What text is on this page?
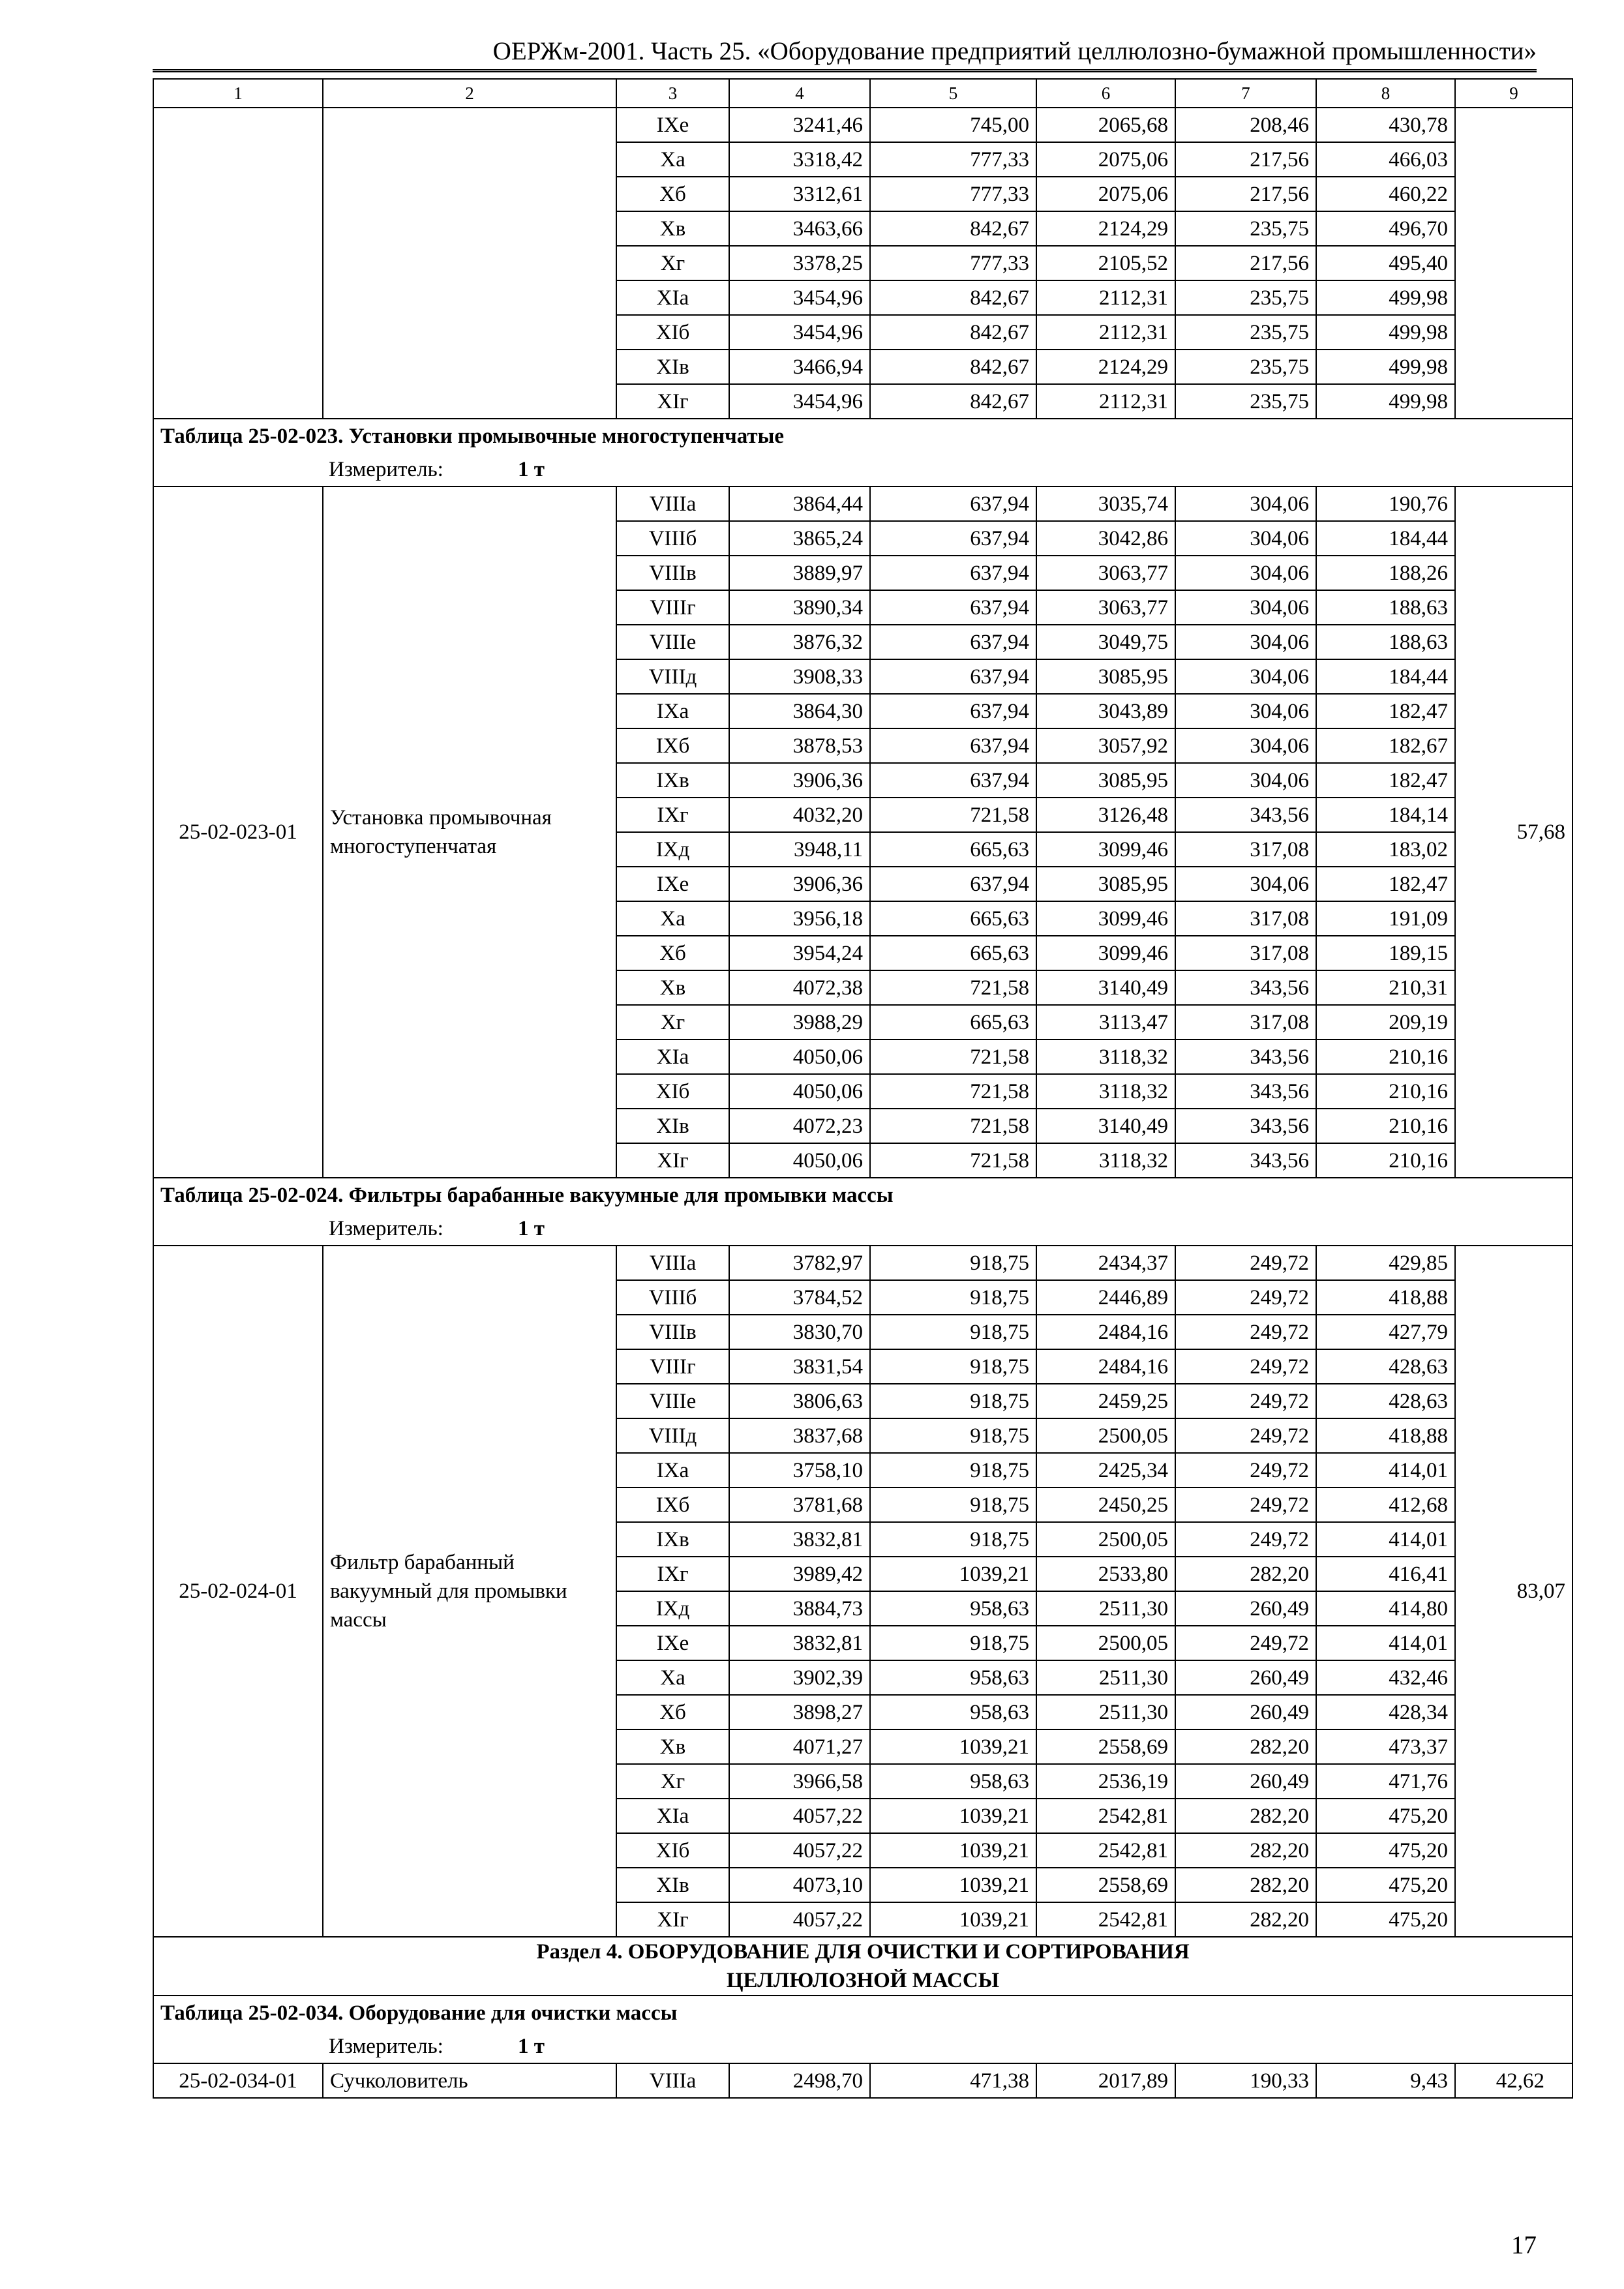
ОЕРЖм-2001. Часть 25. «Оборудование предприятий целлюлозно-бумажной промышленности»
1	2	3	4	5	6	7	8	9
		IXе	3241,46	745,00	2065,68	208,46	430,78	
		Xа	3318,42	777,33	2075,06	217,56	466,03	
		Xб	3312,61	777,33	2075,06	217,56	460,22	
		Xв	3463,66	842,67	2124,29	235,75	496,70	
		Xг	3378,25	777,33	2105,52	217,56	495,40	
		XIа	3454,96	842,67	2112,31	235,75	499,98	
		XIб	3454,96	842,67	2112,31	235,75	499,98	
		XIв	3466,94	842,67	2124,29	235,75	499,98	
		XIг	3454,96	842,67	2112,31	235,75	499,98	
Таблица 25-02-023. Установки промывочные многоступенчатые								
Измеритель: 1 т								
25-02-023-01	Установка промывочная многоступенчатая	VIIIа	3864,44	637,94	3035,74	304,06	190,76	57,68
		VIIIб	3865,24	637,94	3042,86	304,06	184,44	
		VIIIв	3889,97	637,94	3063,77	304,06	188,26	
		VIIIг	3890,34	637,94	3063,77	304,06	188,63	
		VIIIе	3876,32	637,94	3049,75	304,06	188,63	
		VIIIд	3908,33	637,94	3085,95	304,06	184,44	
		IXа	3864,30	637,94	3043,89	304,06	182,47	
		IXб	3878,53	637,94	3057,92	304,06	182,67	
		IXв	3906,36	637,94	3085,95	304,06	182,47	
		IXг	4032,20	721,58	3126,48	343,56	184,14	
		IXд	3948,11	665,63	3099,46	317,08	183,02	
		IXе	3906,36	637,94	3085,95	304,06	182,47	
		Xа	3956,18	665,63	3099,46	317,08	191,09	
		Xб	3954,24	665,63	3099,46	317,08	189,15	
		Xв	4072,38	721,58	3140,49	343,56	210,31	
		Xг	3988,29	665,63	3113,47	317,08	209,19	
		XIа	4050,06	721,58	3118,32	343,56	210,16	
		XIб	4050,06	721,58	3118,32	343,56	210,16	
		XIв	4072,23	721,58	3140,49	343,56	210,16	
		XIг	4050,06	721,58	3118,32	343,56	210,16	
Таблица 25-02-024. Фильтры барабанные вакуумные для промывки массы								
Измеритель: 1 т								
25-02-024-01	Фильтр барабанный вакуумный для промывки массы	VIIIа	3782,97	918,75	2434,37	249,72	429,85	83,07
		VIIIб	3784,52	918,75	2446,89	249,72	418,88	
		VIIIв	3830,70	918,75	2484,16	249,72	427,79	
		VIIIг	3831,54	918,75	2484,16	249,72	428,63	
		VIIIе	3806,63	918,75	2459,25	249,72	428,63	
		VIIIд	3837,68	918,75	2500,05	249,72	418,88	
		IXа	3758,10	918,75	2425,34	249,72	414,01	
		IXб	3781,68	918,75	2450,25	249,72	412,68	
		IXв	3832,81	918,75	2500,05	249,72	414,01	
		IXг	3989,42	1039,21	2533,80	282,20	416,41	
		IXд	3884,73	958,63	2511,30	260,49	414,80	
		IXе	3832,81	918,75	2500,05	249,72	414,01	
		Xа	3902,39	958,63	2511,30	260,49	432,46	
		Xб	3898,27	958,63	2511,30	260,49	428,34	
		Xв	4071,27	1039,21	2558,69	282,20	473,37	
		Xг	3966,58	958,63	2536,19	260,49	471,76	
		XIа	4057,22	1039,21	2542,81	282,20	475,20	
		XIб	4057,22	1039,21	2542,81	282,20	475,20	
		XIв	4073,10	1039,21	2558,69	282,20	475,20	
		XIг	4057,22	1039,21	2542,81	282,20	475,20	

Раздел 4. ОБОРУДОВАНИЕ ДЛЯ ОЧИСТКИ И СОРТИРОВАНИЯ
ЦЕЛЛЮЛОЗНОЙ МАССЫ								

Таблица 25-02-034. Оборудование для очистки массы								
Измеритель: 1 т								
25-02-034-01	Сучколовитель	VIIIа	2498,70	471,38	2017,89	190,33	9,43	42,62
17
